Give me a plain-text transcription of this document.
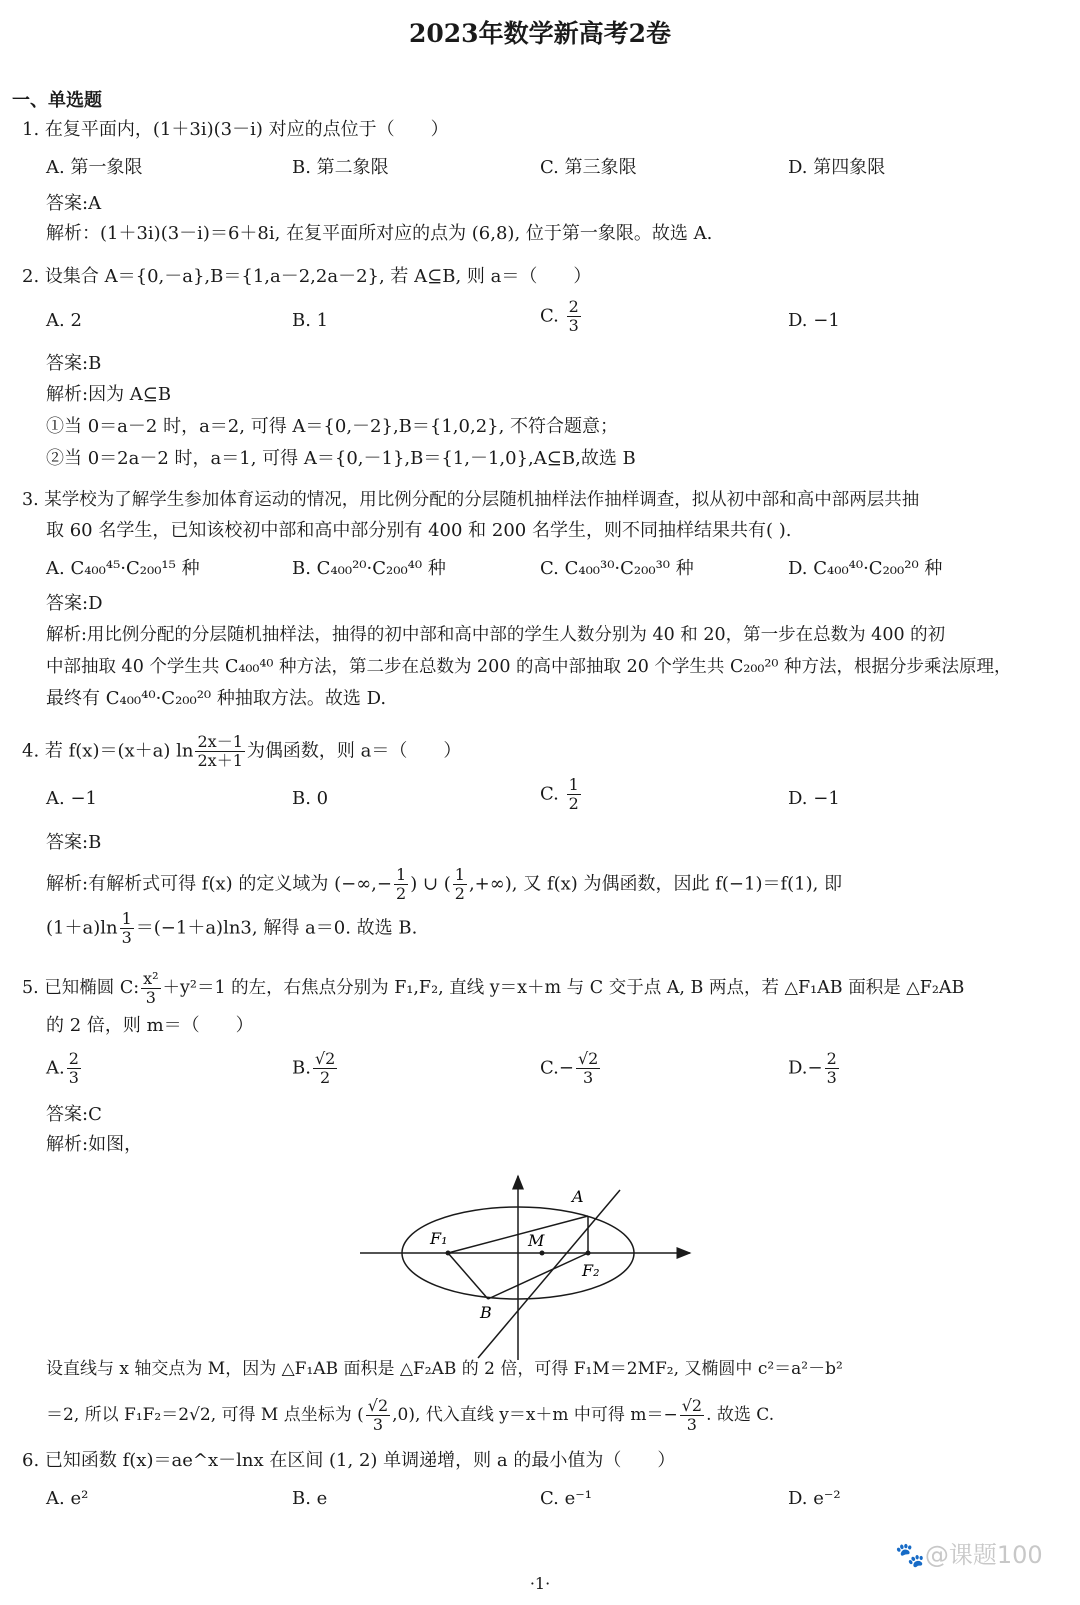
2023年数学新高考2卷
一、单选题
1. 在复平面内，(1＋3i)(3－i) 对应的点位于（　　）
A. 第一象限	B. 第二象限	C. 第三象限	D. 第四象限
答案:A
解析：(1＋3i)(3－i)＝6＋8i, 在复平面所对应的点为 (6,8), 位于第一象限。故选 A.
2. 设集合 A＝{0,－a},B＝{1,a－2,2a－2}, 若 A⊆B, 则 a＝（　　）
A. 2	B. 1	C. $\frac{2}{3}$	D. −1
答案:B
解析:因为 A⊆B
①当 0＝a－2 时，a＝2, 可得 A＝{0,－2},B＝{1,0,2}, 不符合题意；
②当 0＝2a－2 时，a＝1, 可得 A＝{0,－1},B＝{1,－1,0},A⊆B,故选 B
3. 某学校为了解学生参加体育运动的情况，用比例分配的分层随机抽样法作抽样调查，拟从初中部和高中部两层共抽
取 60 名学生，已知该校初中部和高中部分别有 400 和 200 名学生，则不同抽样结果共有( ).
A. C₄₀₀⁴⁵·C₂₀₀¹⁵ 种	B. C₄₀₀²⁰·C₂₀₀⁴⁰ 种	C. C₄₀₀³⁰·C₂₀₀³⁰ 种	D. C₄₀₀⁴⁰·C₂₀₀²⁰ 种
答案:D
解析:用比例分配的分层随机抽样法，抽得的初中部和高中部的学生人数分别为 40 和 20，第一步在总数为 400 的初
中部抽取 40 个学生共 C₄₀₀⁴⁰ 种方法，第二步在总数为 200 的高中部抽取 20 个学生共 C₂₀₀²⁰ 种方法，根据分步乘法原理，
最终有 C₄₀₀⁴⁰·C₂₀₀²⁰ 种抽取方法。故选 D.
4. 若 f(x)＝(x＋a) $\ln \frac{2x-1}{2x+1}$ 为偶函数，则 a＝（　　）
A. −1	B. 0	C. $\frac{1}{2}$	D. −1
答案:B
解析:有解析式可得 f(x) 的定义域为 (−∞,− $\frac{1}{2}$ ) ∪ ( $\frac{1}{2}$ ,+∞), 又 f(x) 为偶函数，因此 f(−1)＝f(1), 即
$(1+a)\ln \frac{1}{3} =(-1+a)\ln 3$, 解得 a＝0. 故选 B.
5. 已知椭圆 C: $\frac{\text{x²}}{3} +y^2=1$ 的左，右焦点分别为 F₁,F₂, 直线 y＝x＋m 与 C 交于点 A, B 两点，若 △F₁AB 面积是 △F₂AB
的 2 倍，则 m＝（　　）
A. $\frac{2}{3}$	B. $\frac{√2}{2}$	$C.- \frac{√2}{3}$	$D.- \frac{2}{3}$
答案:C
解析:如图，
A
F₁	M
F₂
B
设直线与 x 轴交点为 M，因为 △F₁AB 面积是 △F₂AB 的 2 倍，可得 F₁M＝2MF₂, 又椭圆中 c²＝a²－b²
＝2, 所以 F₁F₂＝2√2, 可得 M 点坐标为 ( $\frac{√2}{3} ,0$), 代入直线 y＝x＋m 中可得 $m=- \frac{√2}{3}$ . 故选 C.
6. 已知函数 f(x)＝ae^x－lnx 在区间 (1, 2) 单调递增，则 a 的最小值为（　　）
A. e²	B. e	C. e⁻¹	D. e⁻²
🐾@课题100
·1·
